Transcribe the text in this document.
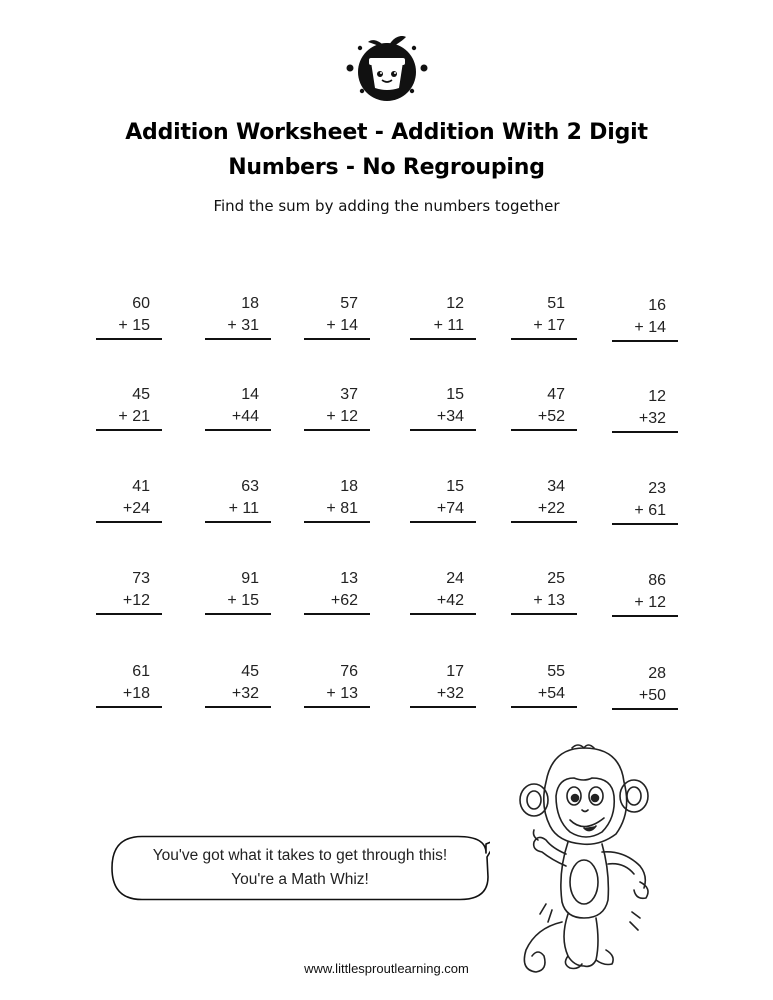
Addition Worksheet - Addition With 2 Digit
Numbers - No Regrouping
Find the sum by adding the numbers together
60
+ 15
18
+ 31
57
+ 14
12
+ 11
51
+ 17
16
+ 14
45
+ 21
14
+44
37
+ 12
15
+34
47
+52
12
+32
41
+24
63
+ 11
18
+ 81
15
+74
34
+22
23
+ 61
73
+12
91
+ 15
13
+62
24
+42
25
+ 13
86
+ 12
61
+18
45
+32
76
+ 13
17
+32
55
+54
28
+50
You've got what it takes to get through this!
You're a Math Whiz!
www.littlesproutlearning.com
